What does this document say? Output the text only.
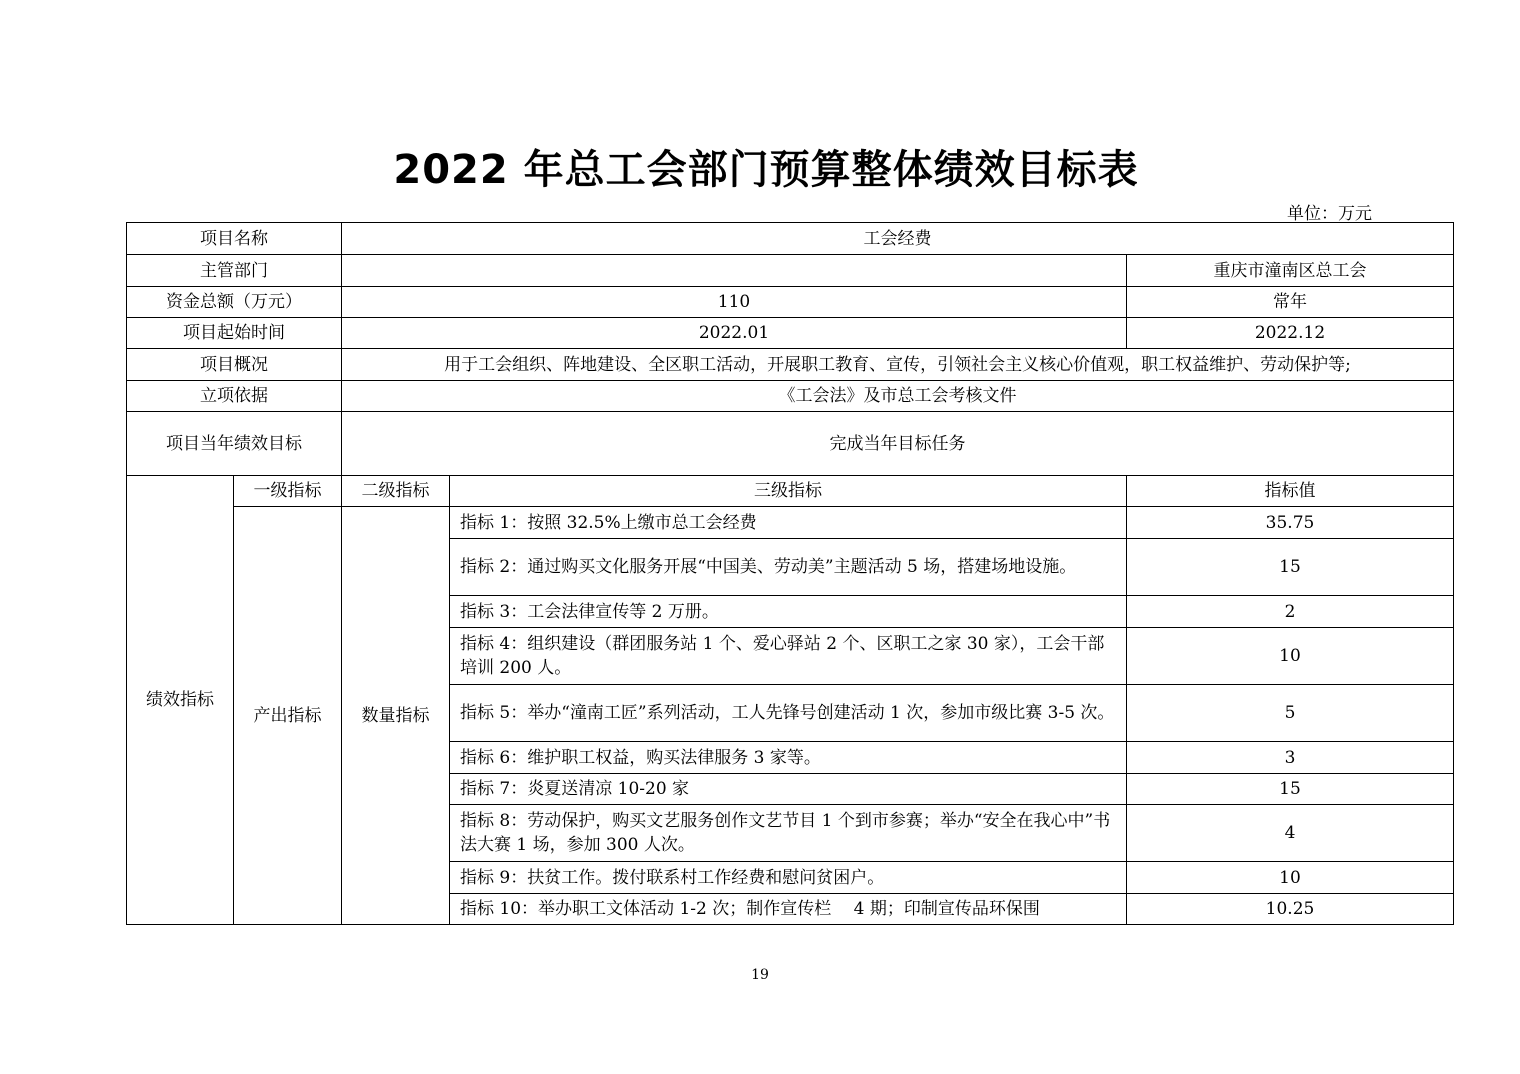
2022 年总工会部门预算整体绩效目标表
单位：万元
项目名称		工会经费		
主管部门				重庆市潼南区总工会
资金总额（万元）		110		常年
项目起始时间		2022.01		2022.12
项目概况		用于工会组织、阵地建设、全区职工活动，开展职工教育、宣传，引领社会主义核心价值观，职工权益维护、劳动保护等;		
立项依据		《工会法》及市总工会考核文件		
项目当年绩效目标		完成当年目标任务		
绩效指标	一级指标	二级指标	三级指标	指标值
	产出指标	数量指标	指标 1：按照 32.5%上缴市总工会经费	35.75
			指标 2：通过购买文化服务开展“中国美、劳动美”主题活动 5 场，搭建场地设施。	15
			指标 3：工会法律宣传等 2 万册。	2
			指标 4：组织建设（群团服务站 1 个、爱心驿站 2 个、区职工之家 30 家），工会干部培训 200 人。	10
			指标 5：举办“潼南工匠”系列活动，工人先锋号创建活动 1 次，参加市级比赛 3-5 次。	5
			指标 6：维护职工权益，购买法律服务 3 家等。	3
			指标 7：炎夏送清凉 10-20 家	15
			指标 8：劳动保护，购买文艺服务创作文艺节目 1 个到市参赛；举办“安全在我心中”书法大赛 1 场，参加 300 人次。	4
			指标 9：扶贫工作。拨付联系村工作经费和慰问贫困户。	10
			指标 10：举办职工文体活动 1-2 次；制作宣传栏　 4 期；印制宣传品环保围	10.25
19
